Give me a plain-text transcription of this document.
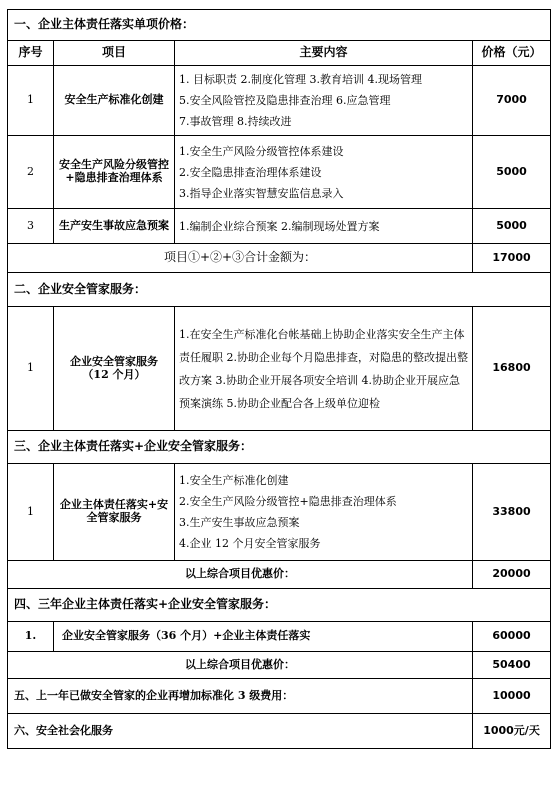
一、企业主体责任落实单项价格：			
序号	项目	主要内容	价格（元）
1	安全生产标准化创建	1. 目标职责 2.制度化管理 3.教育培训 4.现场管理
5.安全风险管控及隐患排查治理 6.应急管理
7.事故管理 8.持续改进	7000
2	安全生产风险分级管控+隐患排查治理体系	1.安全生产风险分级管控体系建设
2.安全隐患排查治理体系建设
3.指导企业落实智慧安监信息录入	5000
3	生产安生事故应急预案	1.编制企业综合预案 2.编制现场处置方案	5000
项目①+②+③合计金额为：			17000
二、企业安全管家服务：			
1	企业安全管家服务（12 个月）	1.在安全生产标准化台帐基础上协助企业落实安全生产主体责任履职 2.协助企业每个月隐患排查，对隐患的整改提出整改方案 3.协助企业开展各项安全培训 4.协助企业开展应急预案演练 5.协助企业配合各上级单位迎检	16800
三、企业主体责任落实+企业安全管家服务：			
1	企业主体责任落实+安全管家服务	1.安全生产标准化创建
2.安全生产风险分级管控+隐患排查治理体系
3.生产安生事故应急预案
4.企业 12 个月安全管家服务	33800
以上综合项目优惠价：			20000
四、三年企业主体责任落实+企业安全管家服务：			
1.	企业安全管家服务（36 个月）+企业主体责任落实		60000
以上综合项目优惠价：			50400
五、上一年已做安全管家的企业再增加标准化 3 级费用：			10000
六、安全社会化服务			1000元/天
